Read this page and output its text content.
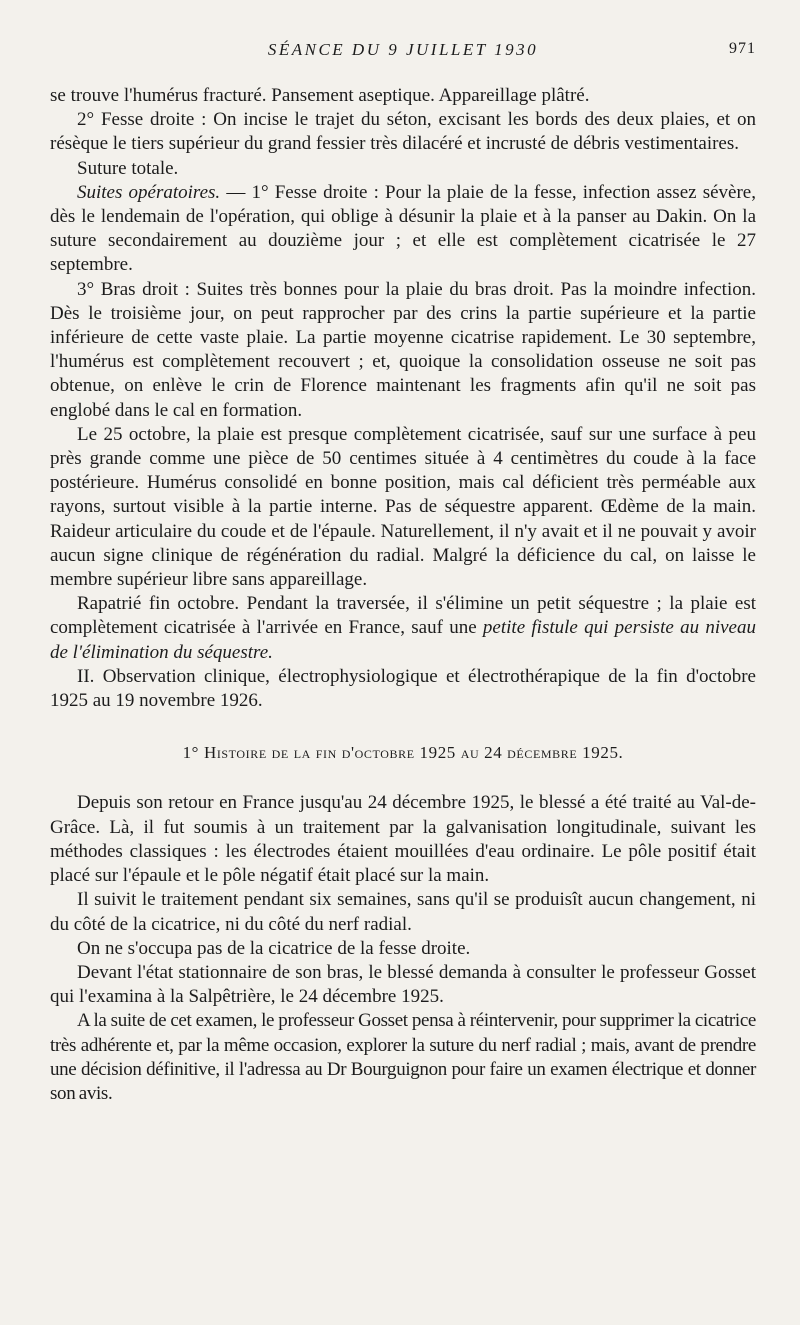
SÉANCE DU 9 JUILLET 1930	971

se trouve l'humérus fracturé. Pansement aseptique. Appareillage plâtré.

2° Fesse droite : On incise le trajet du séton, excisant les bords des deux plaies, et on résèque le tiers supérieur du grand fessier très dilacéré et incrusté de débris vestimentaires.

Suture totale.

Suites opératoires. — 1° Fesse droite : Pour la plaie de la fesse, infection assez sévère, dès le lendemain de l'opération, qui oblige à désunir la plaie et à la panser au Dakin. On la suture secondairement au douzième jour ; et elle est complètement cicatrisée le 27 septembre.

3° Bras droit : Suites très bonnes pour la plaie du bras droit. Pas la moindre infection. Dès le troisième jour, on peut rapprocher par des crins la partie supérieure et la partie inférieure de cette vaste plaie. La partie moyenne cicatrise rapidement. Le 30 septembre, l'humérus est complètement recouvert ; et, quoique la consolidation osseuse ne soit pas obtenue, on enlève le crin de Florence maintenant les fragments afin qu'il ne soit pas englobé dans le cal en formation.

Le 25 octobre, la plaie est presque complètement cicatrisée, sauf sur une surface à peu près grande comme une pièce de 50 centimes située à 4 centimètres du coude à la face postérieure. Humérus consolidé en bonne position, mais cal déficient très perméable aux rayons, surtout visible à la partie interne. Pas de séquestre apparent. Œdème de la main. Raideur articulaire du coude et de l'épaule. Naturellement, il n'y avait et il ne pouvait y avoir aucun signe clinique de régénération du radial. Malgré la déficience du cal, on laisse le membre supérieur libre sans appareillage.

Rapatrié fin octobre. Pendant la traversée, il s'élimine un petit séquestre ; la plaie est complètement cicatrisée à l'arrivée en France, sauf une petite fistule qui persiste au niveau de l'élimination du séquestre.

II. Observation clinique, électrophysiologique et électrothérapique de la fin d'octobre 1925 au 19 novembre 1926.

1° Histoire de la fin d'octobre 1925 au 24 décembre 1925.

Depuis son retour en France jusqu'au 24 décembre 1925, le blessé a été traité au Val-de-Grâce. Là, il fut soumis à un traitement par la galvanisation longitudinale, suivant les méthodes classiques : les électrodes étaient mouillées d'eau ordinaire. Le pôle positif était placé sur l'épaule et le pôle négatif était placé sur la main.

Il suivit le traitement pendant six semaines, sans qu'il se produisît aucun changement, ni du côté de la cicatrice, ni du côté du nerf radial.

On ne s'occupa pas de la cicatrice de la fesse droite.

Devant l'état stationnaire de son bras, le blessé demanda à consulter le professeur Gosset qui l'examina à la Salpêtrière, le 24 décembre 1925.

A la suite de cet examen, le professeur Gosset pensa à réintervenir, pour supprimer la cicatrice très adhérente et, par la même occasion, explorer la suture du nerf radial ; mais, avant de prendre une décision définitive, il l'adressa au Dr Bourguignon pour faire un examen électrique et donner son avis.
